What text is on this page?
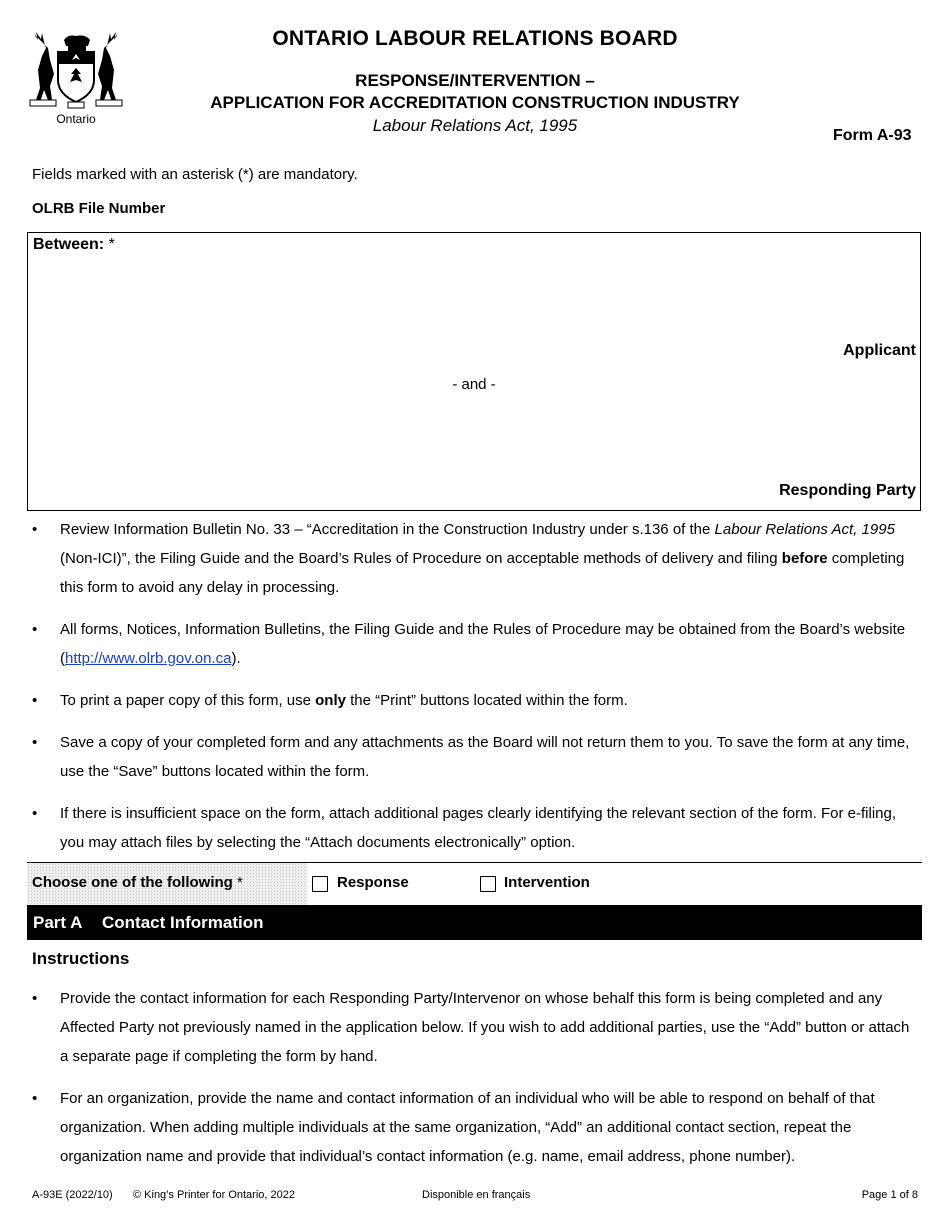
Ontario
ONTARIO LABOUR RELATIONS BOARD
RESPONSE/INTERVENTION –
APPLICATION FOR ACCREDITATION CONSTRUCTION INDUSTRY
Labour Relations Act, 1995
Form A-93
Fields marked with an asterisk (*) are mandatory.
OLRB File Number
Between: *
Applicant
- and -
Responding Party
• Review Information Bulletin No. 33 – “Accreditation in the Construction Industry under s.136 of the Labour Relations Act, 1995 (Non-ICI)”, the Filing Guide and the Board’s Rules of Procedure on acceptable methods of delivery and filing before completing this form to avoid any delay in processing.
• All forms, Notices, Information Bulletins, the Filing Guide and the Rules of Procedure may be obtained from the Board’s website (http://www.olrb.gov.on.ca).
• To print a paper copy of this form, use only the “Print” buttons located within the form.
• Save a copy of your completed form and any attachments as the Board will not return them to you. To save the form at any time, use the “Save” buttons located within the form.
• If there is insufficient space on the form, attach additional pages clearly identifying the relevant section of the form. For e-filing, you may attach files by selecting the “Attach documents electronically” option.
Choose one of the following *	Response	Intervention
Part A Contact Information
Instructions
• Provide the contact information for each Responding Party/Intervenor on whose behalf this form is being completed and any Affected Party not previously named in the application below. If you wish to add additional parties, use the “Add” button or attach a separate page if completing the form by hand.
• For an organization, provide the name and contact information of an individual who will be able to respond on behalf of that organization. When adding multiple individuals at the same organization, “Add” an additional contact section, repeat the organization name and provide that individual’s contact information (e.g. name, email address, phone number).
A-93E (2022/10) © King’s Printer for Ontario, 2022	Disponible en français	Page 1 of 8
